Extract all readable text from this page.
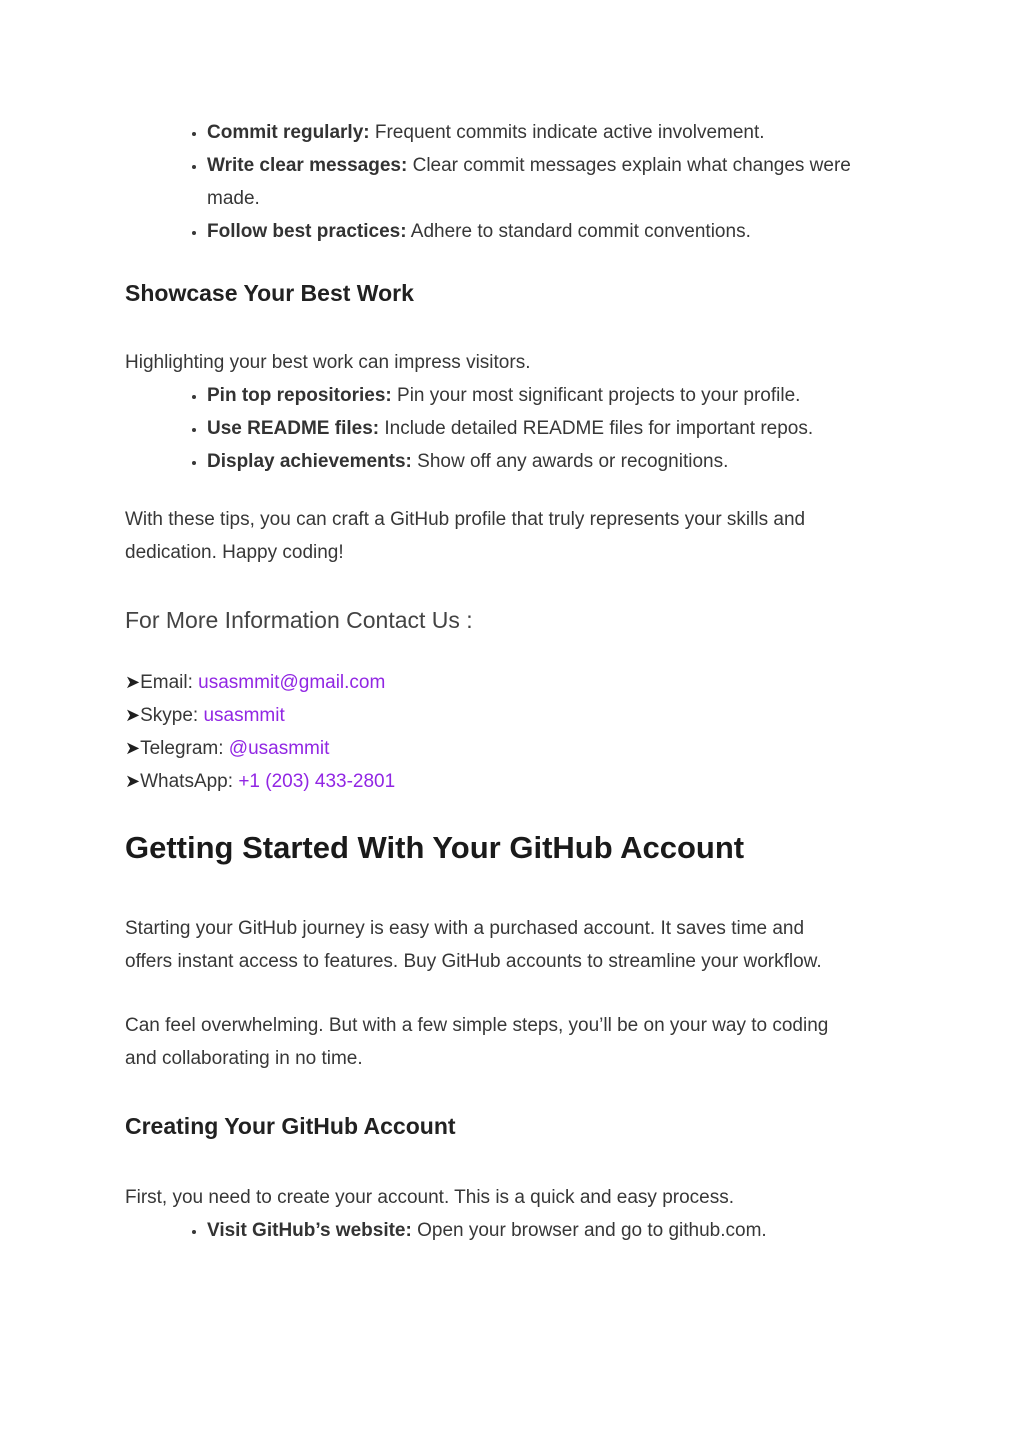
• Commit regularly: Frequent commits indicate active involvement.
• Write clear messages: Clear commit messages explain what changes were
made.
• Follow best practices: Adhere to standard commit conventions.
Showcase Your Best Work

Highlighting your best work can impress visitors.

• Pin top repositories: Pin your most significant projects to your profile.
• Use README files: Include detailed README files for important repos.
• Display achievements: Show off any awards or recognitions.

With these tips, you can craft a GitHub profile that truly represents your skills and
dedication. Happy coding!

For More Information Contact Us :
➤Email: usasmmit@gmail.com
➤Skype: usasmmit
➤Telegram: @usasmmit
➤WhatsApp: +1 (203) 433-2801
Getting Started With Your GitHub Account

Starting your GitHub journey is easy with a purchased account. It saves time and
offers instant access to features. Buy GitHub accounts to streamline your workflow.

Can feel overwhelming. But with a few simple steps, you’ll be on your way to coding
and collaborating in no time.

Creating Your GitHub Account

First, you need to create your account. This is a quick and easy process.

• Visit GitHub’s website: Open your browser and go to github.com.
